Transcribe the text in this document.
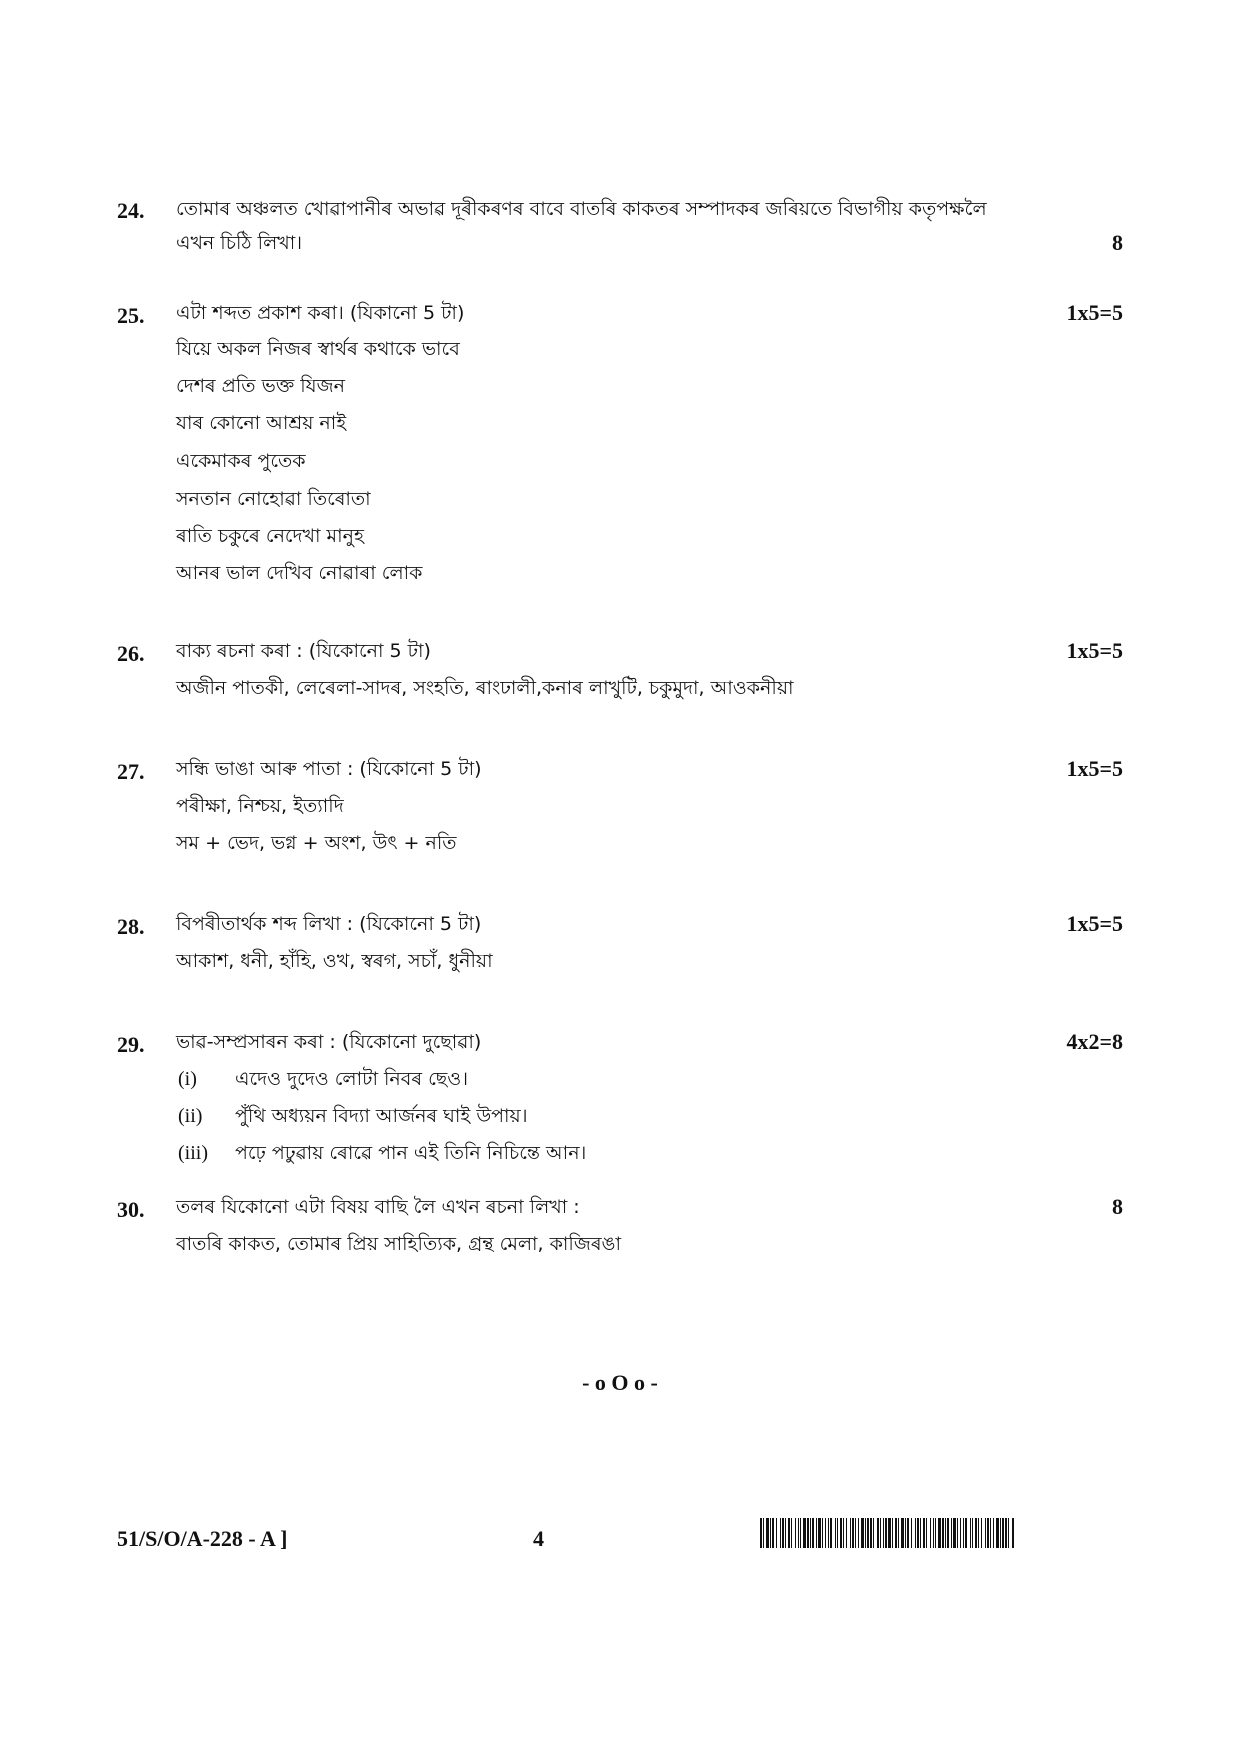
24. তোমাৰ অঞ্চলত খোৱাপানীৰ অভাৱ দূৰীকৰণৰ বাবে বাতৰি কাকতৰ সম্পাদকৰ জৰিয়তে বিভাগীয় কতৃপক্ষলৈ
এখন চিঠি লিখা।	8
25. এটা শব্দত প্ৰকাশ কৰা। (যিকানো 5 টা)	1x5=5
যিয়ে অকল নিজৰ স্বাৰ্থৰ কথাকে ভাবে
দেশৰ প্ৰতি ভক্ত যিজন
যাৰ কোনো আশ্ৰয় নাই
একেমাকৰ পুতেক
সনতান নোহোৱা তিৰোতা
ৰাতি চকুৰে নেদেখা মানুহ
আনৰ ভাল দেখিব নোৱাৰা লোক
26. বাক্য ৰচনা কৰা : (যিকোনো 5 টা)	1x5=5
অজীন পাতকী, লেৰেলা-সাদৰ, সংহতি, ৰাংঢালী,কনাৰ লাখুটি, চকুমুদা, আওকনীয়া
27. সন্ধি ভাঙা আৰু পাতা : (যিকোনো 5 টা)	1x5=5
পৰীক্ষা, নিশ্চয়, ইত্যাদি
সম + ভেদ, ভগ্ন + অংশ, উৎ + নতি
28. বিপৰীতাৰ্থক শব্দ লিখা : (যিকোনো 5 টা)	1x5=5
আকাশ, ধনী, হাঁহি, ওখ, স্বৰগ, সচাঁ, ধুনীয়া
29. ভাৱ-সম্প্ৰসাৰন কৰা : (যিকোনো দুছোৱা)	4x2=8
(i) এদেও দুদেও লোটা নিবৰ ছেও।
(ii) পুঁথি অধ্যয়ন বিদ্যা আৰ্জনৰ ঘাই উপায়।
(iii) পঢ়ে পঢুৱায় ৰোৱে পান এই তিনি নিচিন্তে আন।
30. তলৰ যিকোনো এটা বিষয় বাছি লৈ এখন ৰচনা লিখা :	8
বাতৰি কাকত, তোমাৰ প্ৰিয় সাহিত্যিক, গ্ৰন্থ মেলা, কাজিৰঙা
- o O o -
51/S/O/A-228 - A ]	4
